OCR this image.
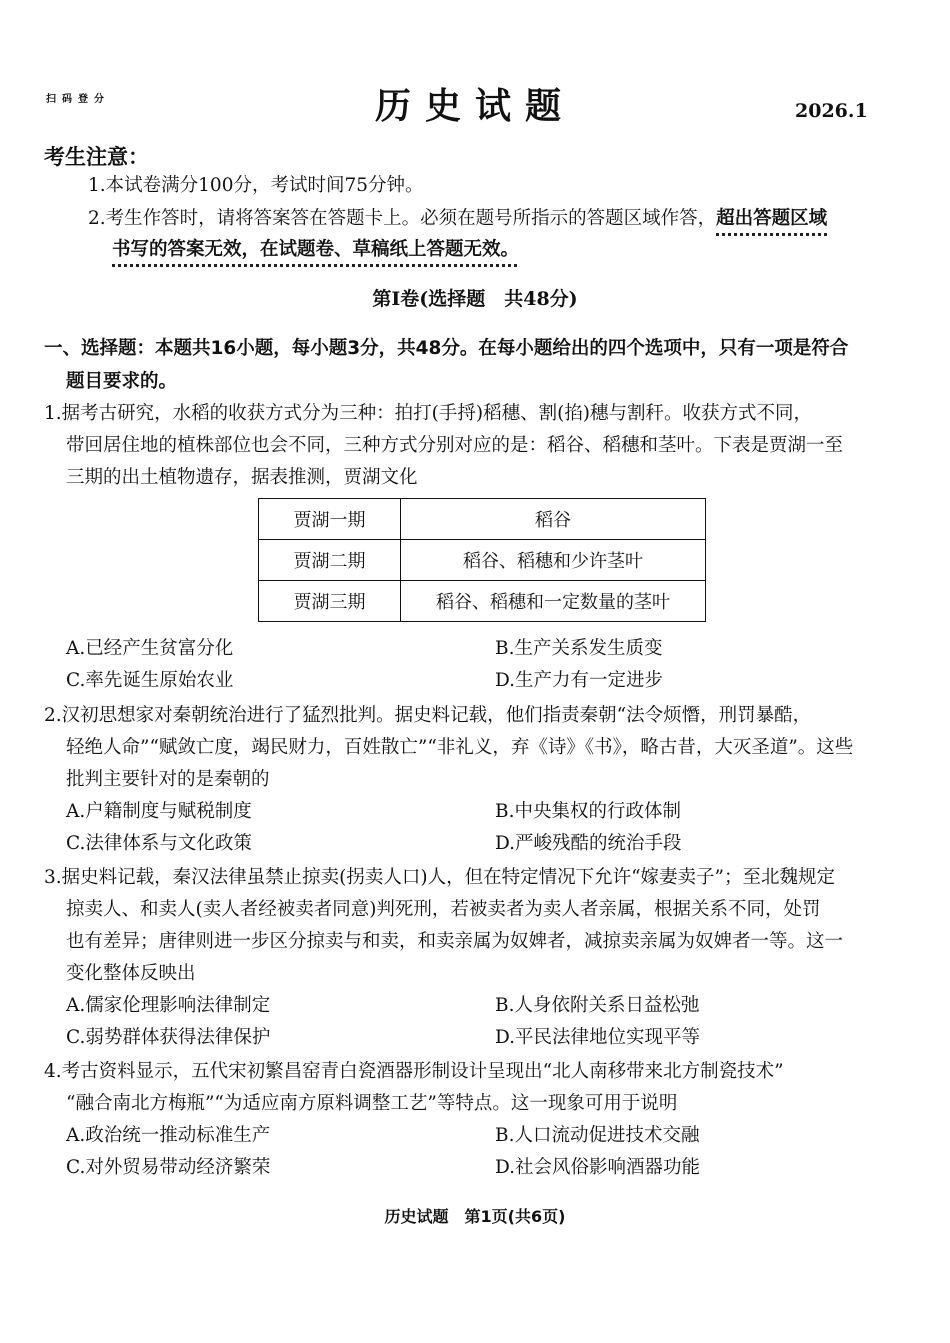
扫码登分	历史试题	2026.1
考生注意：
1.本试卷满分100分，考试时间75分钟。
2.考生作答时，请将答案答在答题卡上。必须在题号所指示的答题区域作答，超出答题区域
书写的答案无效，在试题卷、草稿纸上答题无效。
第Ⅰ卷(选择题　共48分)
一、选择题：本题共16小题，每小题3分，共48分。在每小题给出的四个选项中，只有一项是符合
题目要求的。
1.据考古研究，水稻的收获方式分为三种：拍打(手捋)稻穗、割(掐)穗与割秆。收获方式不同，
带回居住地的植株部位也会不同，三种方式分别对应的是：稻谷、稻穗和茎叶。下表是贾湖一至
三期的出土植物遗存，据表推测，贾湖文化
贾湖一期	稻谷
贾湖二期	稻谷、稻穗和少许茎叶
贾湖三期	稻谷、稻穗和一定数量的茎叶
A.已经产生贫富分化	B.生产关系发生质变
C.率先诞生原始农业	D.生产力有一定进步
2.汉初思想家对秦朝统治进行了猛烈批判。据史料记载，他们指责秦朝“法令烦憯，刑罚暴酷，
轻绝人命”“赋敛亡度，竭民财力，百姓散亡”“非礼义，弃《诗》《书》，略古昔，大灭圣道”。这些
批判主要针对的是秦朝的
A.户籍制度与赋税制度	B.中央集权的行政体制
C.法律体系与文化政策	D.严峻残酷的统治手段
3.据史料记载，秦汉法律虽禁止掠卖(拐卖人口)人，但在特定情况下允许“嫁妻卖子”；至北魏规定
掠卖人、和卖人(卖人者经被卖者同意)判死刑，若被卖者为卖人者亲属，根据关系不同，处罚
也有差异；唐律则进一步区分掠卖与和卖，和卖亲属为奴婢者，减掠卖亲属为奴婢者一等。这一
变化整体反映出
A.儒家伦理影响法律制定	B.人身依附关系日益松弛
C.弱势群体获得法律保护	D.平民法律地位实现平等
4.考古资料显示，五代宋初繁昌窑青白瓷酒器形制设计呈现出“北人南移带来北方制瓷技术”
“融合南北方梅瓶”“为适应南方原料调整工艺”等特点。这一现象可用于说明
A.政治统一推动标准生产	B.人口流动促进技术交融
C.对外贸易带动经济繁荣	D.社会风俗影响酒器功能
历史试题　第1页(共6页)
